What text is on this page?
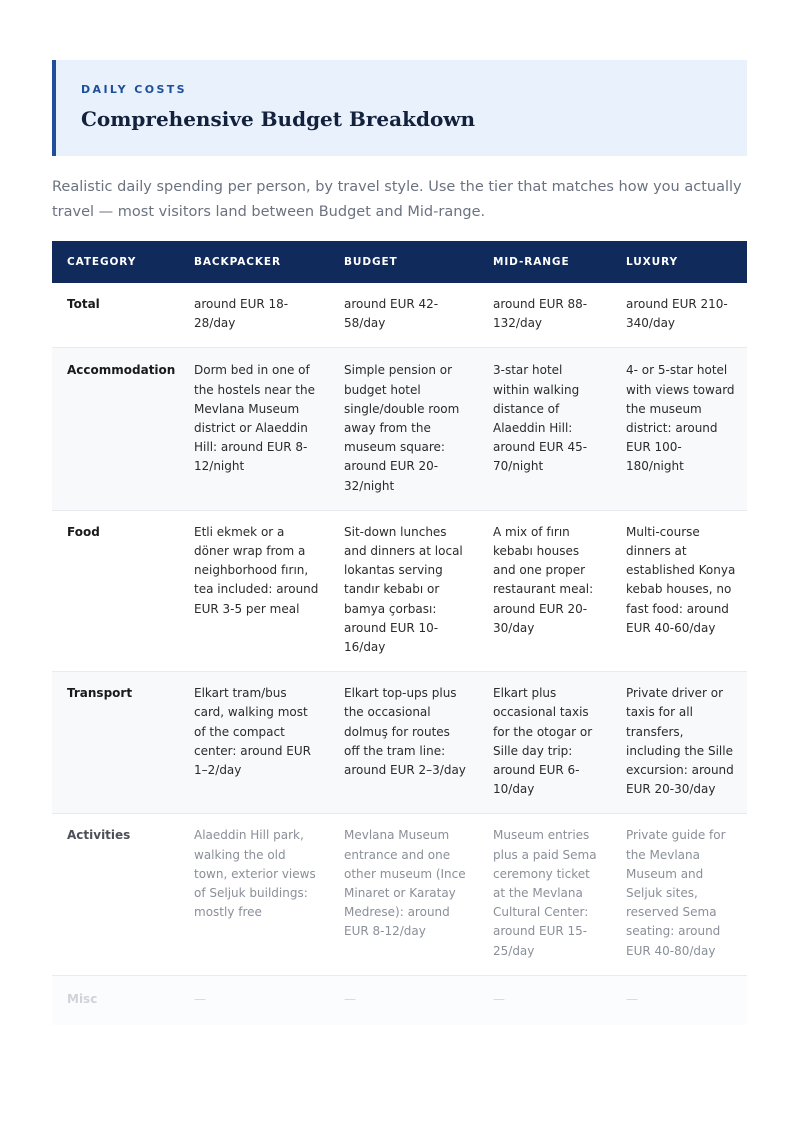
DAILY COSTS
Comprehensive Budget Breakdown

Realistic daily spending per person, by travel style. Use the tier that matches how you actually travel — most visitors land between Budget and Mid-range.

CATEGORY	BACKPACKER	BUDGET	MID-RANGE	LUXURY
Total	around EUR 18-28/day	around EUR 42-58/day	around EUR 88-132/day	around EUR 210-340/day
Accommodation	Dorm bed in one of the hostels near the Mevlana Museum district or Alaeddin Hill: around EUR 8-12/night	Simple pension or budget hotel single/double room away from the museum square: around EUR 20-32/night	3-star hotel within walking distance of Alaeddin Hill: around EUR 45-70/night	4- or 5-star hotel with views toward the museum district: around EUR 100-180/night
Food	Etli ekmek or a döner wrap from a neighborhood fırın, tea included: around EUR 3-5 per meal	Sit-down lunches and dinners at local lokantas serving tandır kebabı or bamya çorbası: around EUR 10-16/day	A mix of fırın kebabı houses and one proper restaurant meal: around EUR 20-30/day	Multi-course dinners at established Konya kebab houses, no fast food: around EUR 40-60/day
Transport	Elkart tram/bus card, walking most of the compact center: around EUR 1–2/day	Elkart top-ups plus the occasional dolmuş for routes off the tram line: around EUR 2–3/day	Elkart plus occasional taxis for the otogar or Sille day trip: around EUR 6-10/day	Private driver or taxis for all transfers, including the Sille excursion: around EUR 20-30/day
Activities	Alaeddin Hill park, walking the old town, exterior views of Seljuk buildings: mostly free	Mevlana Museum entrance and one other museum (Ince Minaret or Karatay Medrese): around EUR 8-12/day	Museum entries plus a paid Sema ceremony ticket at the Mevlana Cultural Center: around EUR 15-25/day	Private guide for the Mevlana Museum and Seljuk sites, reserved Sema seating: around EUR 40-80/day
Misc	—	—	—	—
